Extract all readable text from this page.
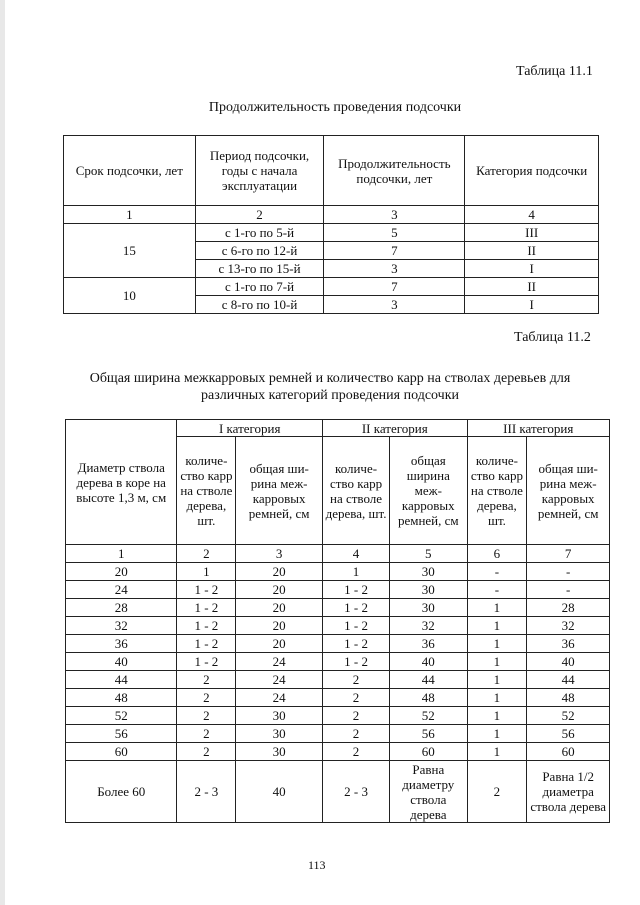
Таблица 11.1
Продолжительность проведения подсочки
Срок подсочки, лет	Период подсочки, годы с начала эксплуатации	Продолжительность подсочки, лет	Категория подсочки
1	2	3	4
15	с 1-го по 5-й	5	III
	с 6-го по 12-й	7	II
	с 13-го по 15-й	3	I
10	с 1-го по 7-й	7	II
	с 8-го по 10-й	3	I
Таблица 11.2
Общая ширина межкарровых ремней и количество карр на стволах деревьев для
различных категорий проведения подсочки
Диаметр ствола дерева в коре на высоте 1,3 м, см	I категория		II категория		III категория	
	количе-ство карр на стволе дерева, шт.	общая ши-рина меж-карровых ремней, см	количе-ство карр на стволе дерева, шт.	общая ширина меж-карровых ремней, см	количе-ство карр на стволе дерева, шт.	общая ши-рина меж-карровых ремней, см
1	2	3	4	5	6	7
20	1	20	1	30	-	-
24	1 - 2	20	1 - 2	30	-	-
28	1 - 2	20	1 - 2	30	1	28
32	1 - 2	20	1 - 2	32	1	32
36	1 - 2	20	1 - 2	36	1	36
40	1 - 2	24	1 - 2	40	1	40
44	2	24	2	44	1	44
48	2	24	2	48	1	48
52	2	30	2	52	1	52
56	2	30	2	56	1	56
60	2	30	2	60	1	60
Более 60	2 - 3	40	2 - 3	Равна диаметру ствола дерева	2	Равна 1/2 диаметра ствола дерева
113
